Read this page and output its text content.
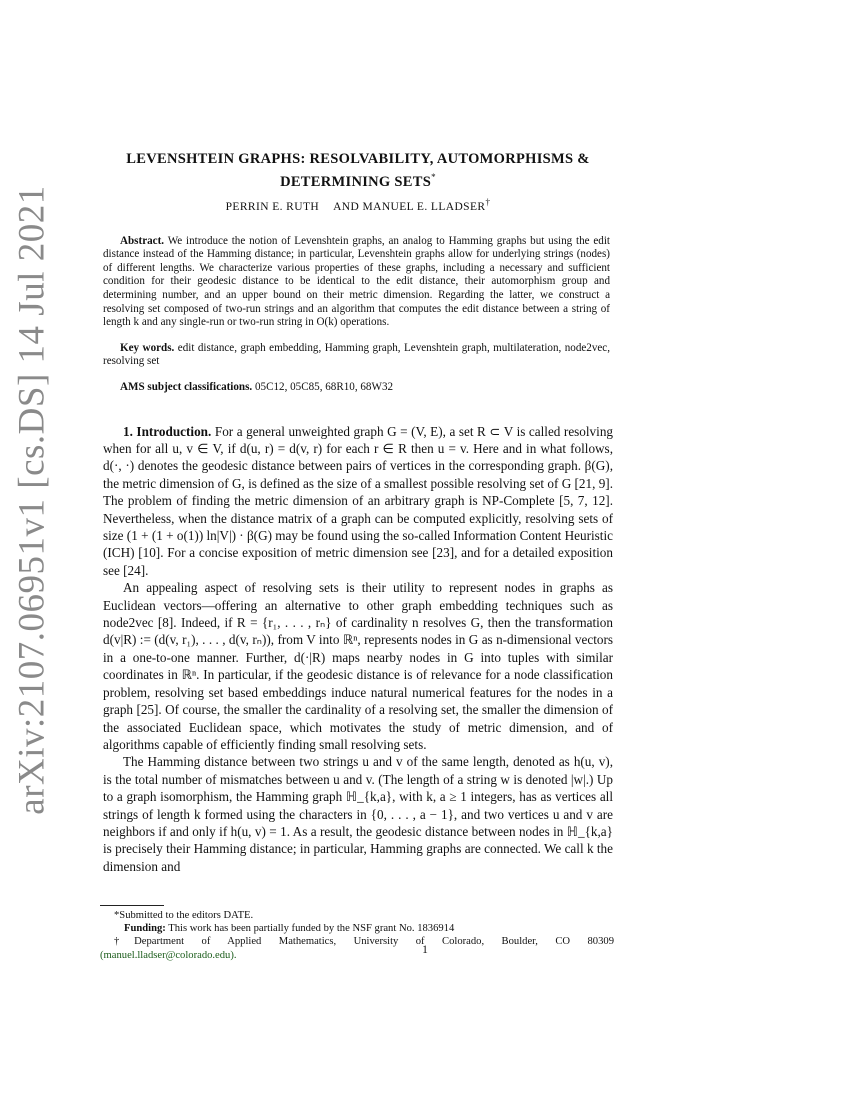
arXiv:2107.06951v1 [cs.DS] 14 Jul 2021
LEVENSHTEIN GRAPHS: RESOLVABILITY, AUTOMORPHISMS &
DETERMINING SETS*
PERRIN E. RUTH AND MANUEL E. LLADSER†

Abstract. We introduce the notion of Levenshtein graphs, an analog to Hamming graphs but using the edit distance instead of the Hamming distance; in particular, Levenshtein graphs allow for underlying strings (nodes) of different lengths. We characterize various properties of these graphs, including a necessary and sufficient condition for their geodesic distance to be identical to the edit distance, their automorphism group and determining number, and an upper bound on their metric dimension. Regarding the latter, we construct a resolving set composed of two-run strings and an algorithm that computes the edit distance between a string of length k and any single-run or two-run string in O(k) operations.

Key words. edit distance, graph embedding, Hamming graph, Levenshtein graph, multilateration, node2vec, resolving set

AMS subject classifications. 05C12, 05C85, 68R10, 68W32

1. Introduction. For a general unweighted graph G = (V, E), a set R ⊂ V is called resolving when for all u, v ∈ V, if d(u, r) = d(v, r) for each r ∈ R then u = v. Here and in what follows, d(·, ·) denotes the geodesic distance between pairs of vertices in the corresponding graph. β(G), the metric dimension of G, is defined as the size of a smallest possible resolving set of G [21, 9]. The problem of finding the metric dimension of an arbitrary graph is NP-Complete [5, 7, 12]. Nevertheless, when the distance matrix of a graph can be computed explicitly, resolving sets of size (1 + (1 + o(1)) ln|V|) · β(G) may be found using the so-called Information Content Heuristic (ICH) [10]. For a concise exposition of metric dimension see [23], and for a detailed exposition see [24].

An appealing aspect of resolving sets is their utility to represent nodes in graphs as Euclidean vectors—offering an alternative to other graph embedding techniques such as node2vec [8]. Indeed, if R = {r₁, . . . , rₙ} of cardinality n resolves G, then the transformation d(v|R) := (d(v, r₁), . . . , d(v, rₙ)), from V into ℝⁿ, represents nodes in G as n-dimensional vectors in a one-to-one manner. Further, d(·|R) maps nearby nodes in G into tuples with similar coordinates in ℝⁿ. In particular, if the geodesic distance is of relevance for a node classification problem, resolving set based embeddings induce natural numerical features for the nodes in a graph [25]. Of course, the smaller the cardinality of a resolving set, the smaller the dimension of the associated Euclidean space, which motivates the study of metric dimension, and of algorithms capable of efficiently finding small resolving sets.

The Hamming distance between two strings u and v of the same length, denoted as h(u, v), is the total number of mismatches between u and v. (The length of a string w is denoted |w|.) Up to a graph isomorphism, the Hamming graph ℍ_{k,a}, with k, a ≥ 1 integers, has as vertices all strings of length k formed using the characters in {0, . . . , a − 1}, and two vertices u and v are neighbors if and only if h(u, v) = 1. As a result, the geodesic distance between nodes in ℍ_{k,a} is precisely their Hamming distance; in particular, Hamming graphs are connected. We call k the dimension and

*Submitted to the editors DATE.

Funding: This work has been partially funded by the NSF grant No. 1836914

†Department of Applied Mathematics, University of Colorado, Boulder, CO 80309

(manuel.lladser@colorado.edu).	1
